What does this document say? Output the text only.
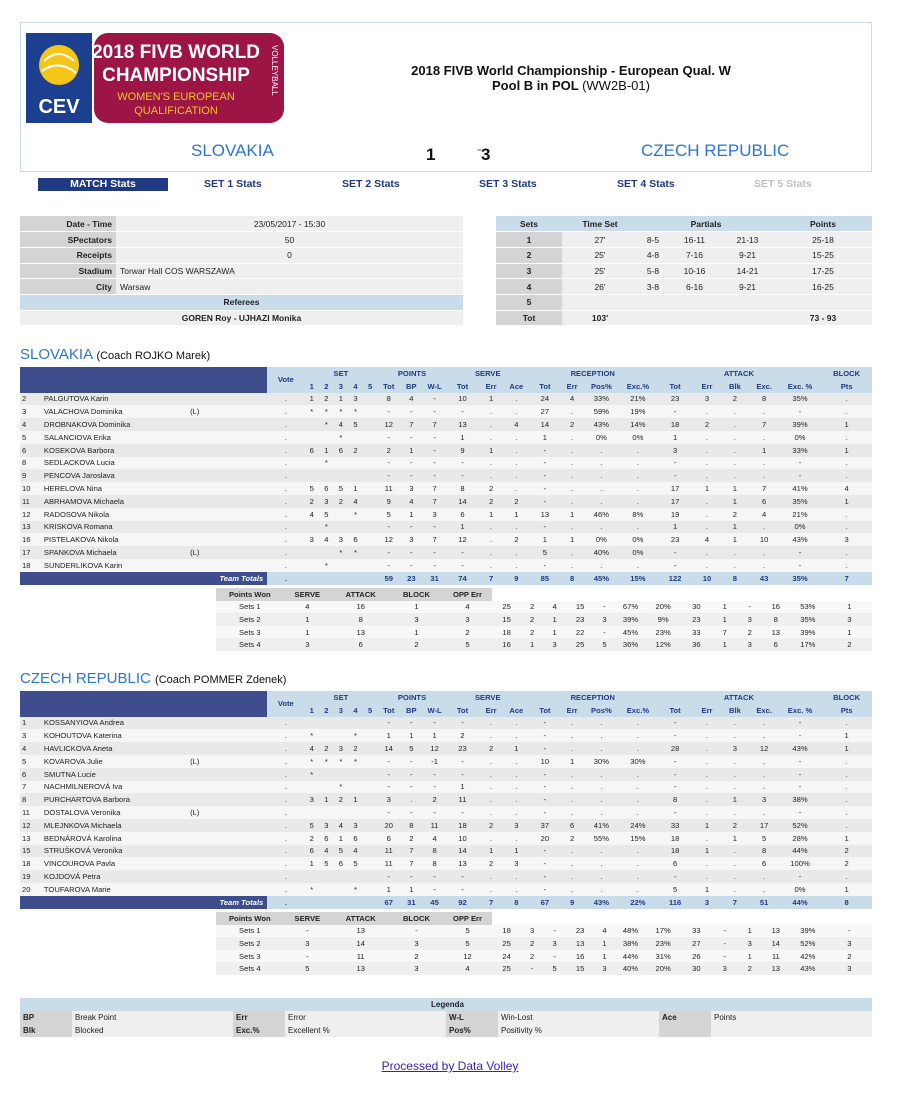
CEV
2018 FIVB WORLD
CHAMPIONSHIP
WOMEN'S EUROPEAN
QUALIFICATION
VOLLEYBALL	2018 FIVB World Championship - European Qual. W
Pool B in POL (WW2B-01)
SLOVAKIA	1	- 3	CZECH REPUBLIC
MATCH Stats	SET 1 Stats	SET 2 Stats	SET 3 Stats	SET 4 Stats	SET 5 Stats
Date - Time	23/05/2017 - 15:30
SPectators	50
Receipts	0
Stadium	Torwar Hall COS WARSZAWA
City	Warsaw
Referees	
GOREN Roy - UJHAZI Monika	
Sets	Time Set	Partials			Points
1	27'	8-5	16-11	21-13	25-18
2	25'	4-8	7-16	9-21	15-25
3	25'	5-8	10-16	14-21	17-25
4	26'	3-8	6-16	9-21	16-25
5					
Tot	103'				73 - 93
SLOVAKIA (Coach ROJKO Marek)
			Vote	SET					POINTS			SERVE			RECEPTION				ATTACK					BLOCK
				1	2	3	4	5	Tot	BP	W-L	Tot	Err	Ace	Tot	Err	Pos%	Exc.%	Tot	Err	Blk	Exc.	Exc. %	Pts
2	PALGUTOVA Karin		.	1	2	1	3		8	4	-	10	1	.	24	4	33%	21%	23	3	2	8	35%	.
3	VALACHOVA Dominika	(L)	.	*	*	*	*		-	-	-	-	.	.	27	.	59%	19%	-	.	.	.	-	.
4	DROBNAKOVA Dominika		.		*	4	5		12	7	7	13	.	4	14	2	43%	14%	18	2	.	7	39%	1
5	SALANCIOVA Erika		.			*			-	-	-	1	.	.	1	.	0%	0%	1	.	.	.	0%	.
6	KOSEKOVA Barbora		.	6	1	6	2		2	1	-	9	1	.	-	.	.	.	3	.	.	1	33%	1
8	SEDLACKOVA Lucia		.		*				-	-	-	-	.	.	-	.	.	.	-	.	.	.	-	.
9	PENCOVA Jaroslava		.						-	-	-	-	.	.	-	.	.	.	-	.	.	.	-	.
10	HERELOVA Nina		.	5	6	5	1		11	3	7	8	2	.	-	.	.	.	17	1	1	7	41%	4
11	ABRHAMOVA Michaela		.	2	3	2	4		9	4	7	14	2	2	-	.	.	.	17	.	1	6	35%	1
12	RADOSOVA Nikola		.	4	5		*		5	1	3	6	1	1	13	1	46%	8%	19	.	2	4	21%	.
13	KRISKOVA Romana		.		*				-	-	-	1	.	.	-	.	.	.	1	.	1	.	0%	.
16	PISTELAKOVA Nikola		.	3	4	3	6		12	3	7	12	.	2	1	1	0%	0%	23	4	1	10	43%	3
17	SPANKOVA Michaela	(L)	.			*	*		-	-	-	-	.	.	5	.	40%	0%	-	.	.	.	-	.
18	SUNDERLIKOVA Karin		.		*				-	-	-	-	.	.	-	.	.	.	-	.	.	.	-	.
Team Totals			.						59	23	31	74	7	9	85	8	45%	15%	122	10	8	43	35%	7
Points Won	SERVE	ATTACK	BLOCK	OPP Err													
Sets 1	4	16	1	4	25	2	4	15	-	67%	20%	30	1	-	16	53%	1
Sets 2	1	8	3	3	15	2	1	23	3	39%	9%	23	1	3	8	35%	3
Sets 3	1	13	1	2	18	2	1	22	-	45%	23%	33	7	2	13	39%	1
Sets 4	3	6	2	5	16	1	3	25	5	36%	12%	36	1	3	6	17%	2
CZECH REPUBLIC (Coach POMMER Zdenek)
			Vote	SET					POINTS			SERVE			RECEPTION				ATTACK					BLOCK
				1	2	3	4	5	Tot	BP	W-L	Tot	Err	Ace	Tot	Err	Pos%	Exc.%	Tot	Err	Blk	Exc.	Exc. %	Pts
1	KOSSANYIOVA Andrea		.						-	-	-	-	.	.	-	.	.	.	-	.	.	.	-	.
3	KOHOUTOVA Katerina		.	*			*		1	1	1	2	.	.	-	.	.	.	-	.	.	.	-	1
4	HAVLICKOVA Aneta		.	4	2	3	2		14	5	12	23	2	1	-	.	.	.	28	.	3	12	43%	1
5	KOVAROVA Julie	(L)	.	*	*	*	*		-	-	-1	-	.	.	10	1	30%	30%	-	.	.	.	-	.
6	SMUTNA Lucie		.	*					-	-	-	-	.	.	-	.	.	.	-	.	.	.	-	.
7	NACHMILNEROVÁ Iva		.			*			-	-	-	1	.	.	-	.	.	.	-	.	.	.	-	.
8	PURCHARTOVA Barbora		.	3	1	2	1		3	.	2	11	.	.	-	.	.	.	8	.	1	3	38%	.
11	DOSTALOVA Veronika	(L)	.						-	-	-	-	.	.	-	.	.	.	-	.	.	.	-	.
12	MLEJNKOVA Michaela		.	5	3	4	3		20	8	11	18	2	3	37	6	41%	24%	33	1	2	17	52%	.
13	BEDNÁROVÁ Karolina		.	2	6	1	6		6	2	4	10	.	.	20	2	55%	15%	18	.	1	5	28%	1
15	STRUŠKOVÁ Veronika		.	6	4	5	4		11	7	8	14	1	1	-	.	.	.	18	1	.	8	44%	2
18	VINCOUROVA Pavla		.	1	5	6	5		11	7	8	13	2	3	-	.	.	.	6	.	.	6	100%	2
19	KOJDOVÁ Petra		.						-	-	-	-	.	.	-	.	.	.	-	.	.	.	-	.
20	TOUFAROVA Marie		.	*			*		1	1	-	-	.	.	-	.	.	.	5	1	.	.	0%	1
Team Totals			.						67	31	45	92	7	8	67	9	43%	22%	116	3	7	51	44%	8
Points Won	SERVE	ATTACK	BLOCK	OPP Err													
Sets 1	-	13	-	5	18	3	-	23	4	48%	17%	33	-	1	13	39%	-
Sets 2	3	14	3	5	25	2	3	13	1	38%	23%	27	-	3	14	52%	3
Sets 3	-	11	2	12	24	2	-	16	1	44%	31%	26	-	1	11	42%	2
Sets 4	5	13	3	4	25	-	5	15	3	40%	20%	30	3	2	13	43%	3
Legenda							
BP	Break Point	Err	Error	W-L	Win-Lost	Ace	Points
Blk	Blocked	Exc.%	Excellent %	Pos%	Positivity %		
Processed by Data Volley
